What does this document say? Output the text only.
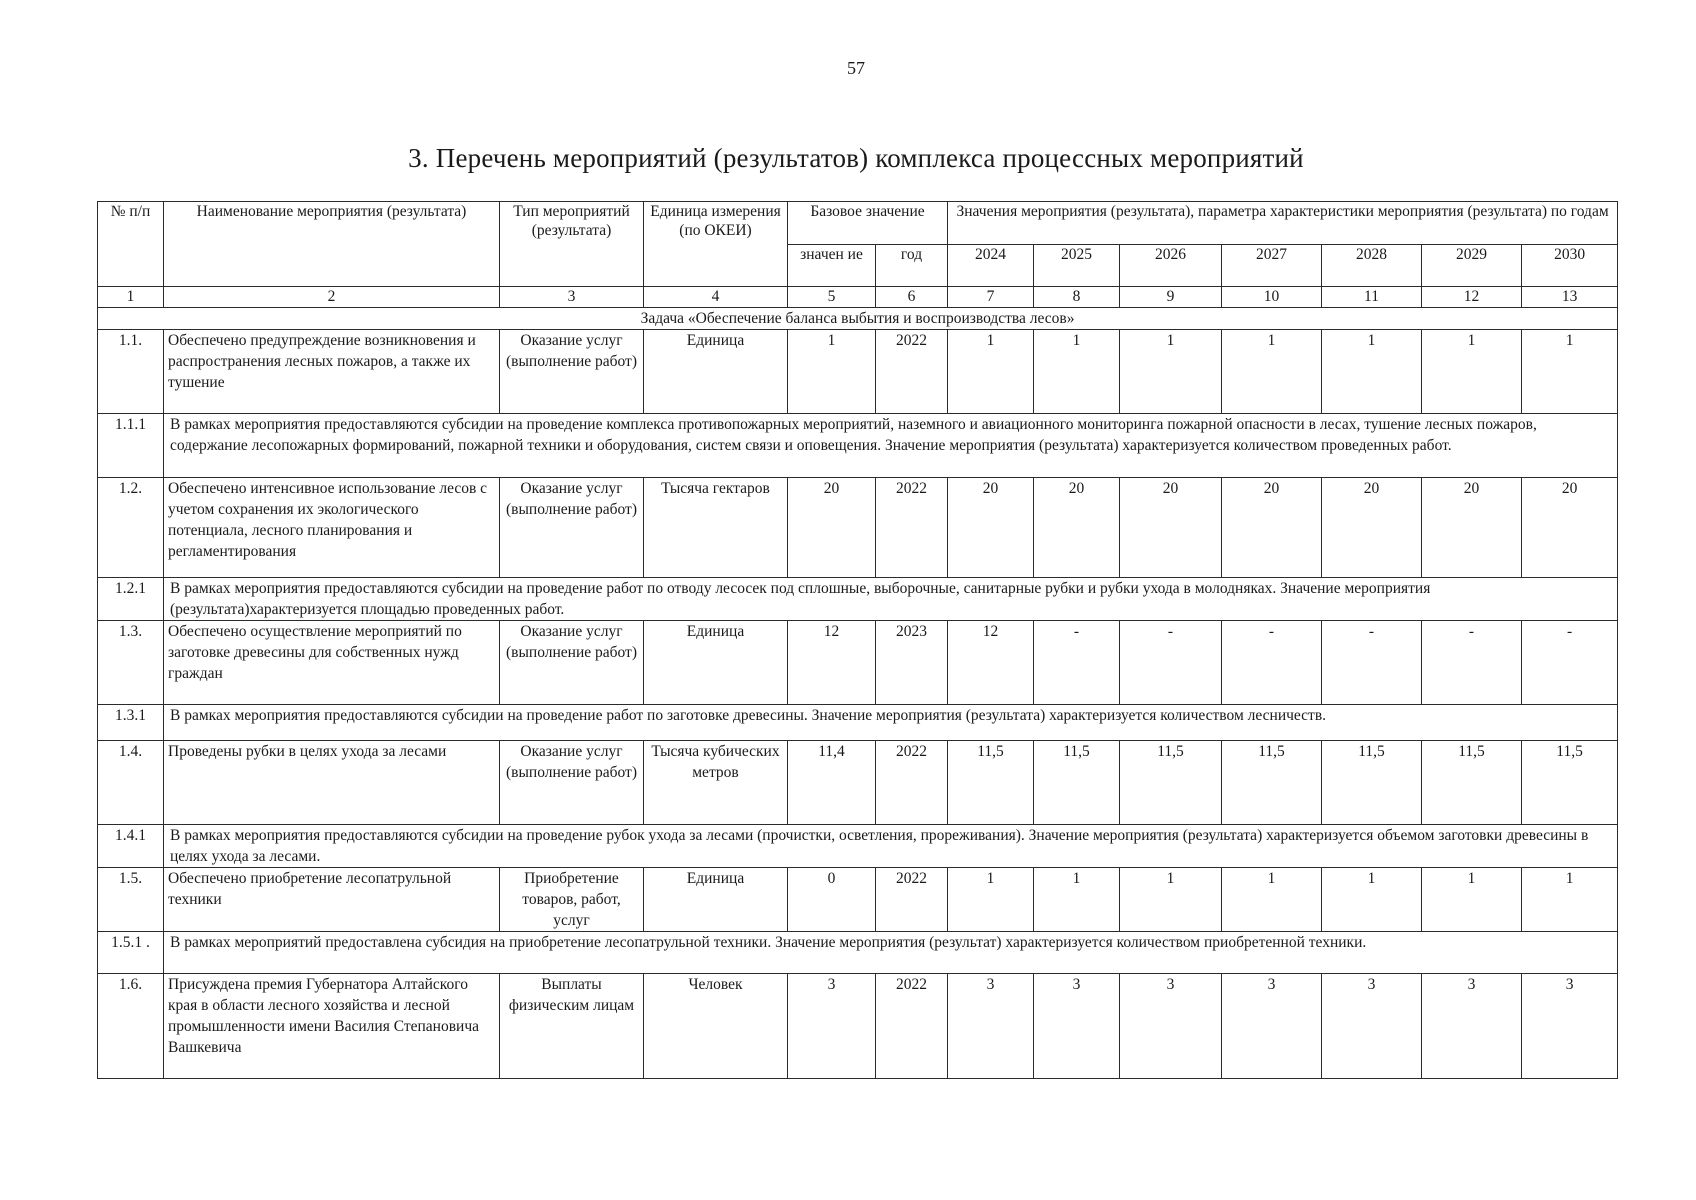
57
3. Перечень мероприятий (результатов) комплекса процессных мероприятий
№ п/п	Наименование мероприятия (результата)	Тип мероприятий (результата)	Единица измерения (по ОКЕИ)	Базовое значение		Значения мероприятия (результата), параметра характеристики мероприятия (результата) по годам						
				значен ие	год	2024	2025	2026	2027	2028	2029	2030
1	2	3	4	5	6	7	8	9	10	11	12	13
Задача «Обеспечение баланса выбытия и воспроизводства лесов»												
1.1.	Обеспечено предупреждение возникновения и распространения лесных пожаров, а также их тушение	Оказание услуг (выполнение работ)	Единица	1	2022	1	1	1	1	1	1	1
1.1.1	В рамках мероприятия предоставляются субсидии на проведение комплекса противопожарных мероприятий, наземного и авиационного мониторинга пожарной опасности в лесах, тушение лесных пожаров, содержание лесопожарных формирований, пожарной техники и оборудования, систем связи и оповещения. Значение мероприятия (результата) характеризуется количеством проведенных работ.											
1.2.	Обеспечено интенсивное использование лесов с учетом сохранения их экологического потенциала, лесного планирования и регламентирования	Оказание услуг (выполнение работ)	Тысяча гектаров	20	2022	20	20	20	20	20	20	20
1.2.1	В рамках мероприятия предоставляются субсидии на проведение работ по отводу лесосек под сплошные, выборочные, санитарные рубки и рубки ухода в молодняках. Значение мероприятия (результата)характеризуется площадью проведенных работ.											
1.3.	Обеспечено осуществление мероприятий по заготовке древесины для собственных нужд граждан	Оказание услуг (выполнение работ)	Единица	12	2023	12	-	-	-	-	-	-
1.3.1	В рамках мероприятия предоставляются субсидии на проведение работ по заготовке древесины. Значение мероприятия (результата) характеризуется количеством лесничеств.											
1.4.	Проведены рубки в целях ухода за лесами	Оказание услуг (выполнение работ)	Тысяча кубических метров	11,4	2022	11,5	11,5	11,5	11,5	11,5	11,5	11,5
1.4.1	В рамках мероприятия предоставляются субсидии на проведение рубок ухода за лесами (прочистки, осветления, прореживания). Значение мероприятия (результата) характеризуется объемом заготовки древесины в целях ухода за лесами.											
1.5.	Обеспечено приобретение лесопатрульной техники	Приобретение товаров, работ, услуг	Единица	0	2022	1	1	1	1	1	1	1
1.5.1 .	В рамках мероприятий предоставлена субсидия на приобретение лесопатрульной техники. Значение мероприятия (результат) характеризуется количеством приобретенной техники.											
1.6.	Присуждена премия Губернатора Алтайского края в области лесного хозяйства и лесной промышленности имени Василия Степановича Вашкевича	Выплаты физическим лицам	Человек	3	2022	3	3	3	3	3	3	3
